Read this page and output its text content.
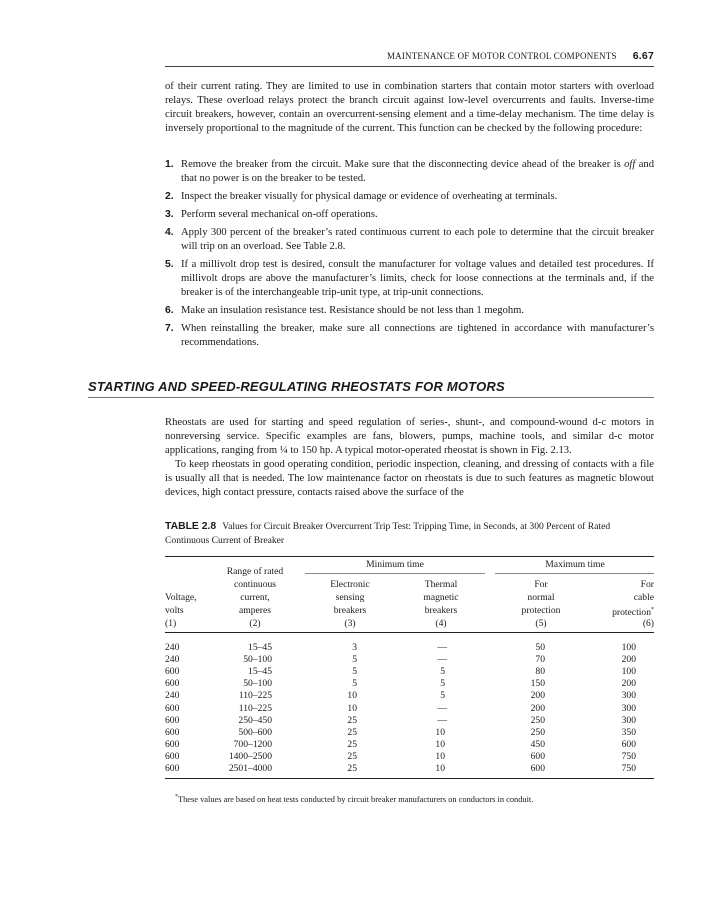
MAINTENANCE OF MOTOR CONTROL COMPONENTS 6.67
of their current rating. They are limited to use in combination starters that contain motor starters with overload relays. These overload relays protect the branch circuit against low-level overcurrents and faults. Inverse-time circuit breakers, however, contain an overcurrent-sensing element and a time-delay mechanism. The time delay is inversely proportional to the magnitude of the current. This function can be checked by the following procedure:
1. Remove the breaker from the circuit. Make sure that the disconnecting device ahead of the breaker is off and that no power is on the breaker to be tested.
2. Inspect the breaker visually for physical damage or evidence of overheating at terminals.
3. Perform several mechanical on-off operations.
4. Apply 300 percent of the breaker’s rated continuous current to each pole to determine that the circuit breaker will trip on an overload. See Table 2.8.
5. If a millivolt drop test is desired, consult the manufacturer for voltage values and detailed test procedures. If millivolt drops are above the manufacturer’s limits, check for loose connections at the terminals and, if the breaker is of the interchangeable trip-unit type, at trip-unit connections.
6. Make an insulation resistance test. Resistance should be not less than 1 megohm.
7. When reinstalling the breaker, make sure all connections are tightened in accordance with manufacturer’s recommendations.
STARTING AND SPEED-REGULATING RHEOSTATS FOR MOTORS

Rheostats are used for starting and speed regulation of series-, shunt-, and compound-wound d-c motors in nonreversing service. Specific examples are fans, blowers, pumps, machine tools, and similar d-c motor applications, ranging from ¼ to 150 hp. A typical motor-operated rheostat is shown in Fig. 2.13.

To keep rheostats in good operating condition, periodic inspection, cleaning, and dressing of contacts with a file is usually all that is needed. The low maintenance factor on rheostats is due to such features as magnetic blowout devices, high contact pressure, contacts raised above the surface of the

TABLE 2.8 Values for Circuit Breaker Overcurrent Trip Test: Tripping Time, in Seconds, at 300 Percent of Rated Continuous Current of Breaker
Minimum time	Maximum time
Voltage,
volts
(1)
Range of rated
continuous
current,
amperes
(2)
Electronic
sensing
breakers
(3)
Thermal
magnetic
breakers
(4)
For
normal
protection
(5)
For
cable
protection*
(6)
240	15–45	3	—	50	100
240	50–100	5	—	70	200
600	15–45	5	5	80	100
600	50–100	5	5	150	200
240	110–225	10	5	200	300
600	110–225	10	—	200	300
600	250–450	25	—	250	300
600	500–600	25	10	250	350
600	700–1200	25	10	450	600
600	1400–2500	25	10	600	750
600	2501–4000	25	10	600	750
*These values are based on heat tests conducted by circuit breaker manufacturers on conductors in conduit.
